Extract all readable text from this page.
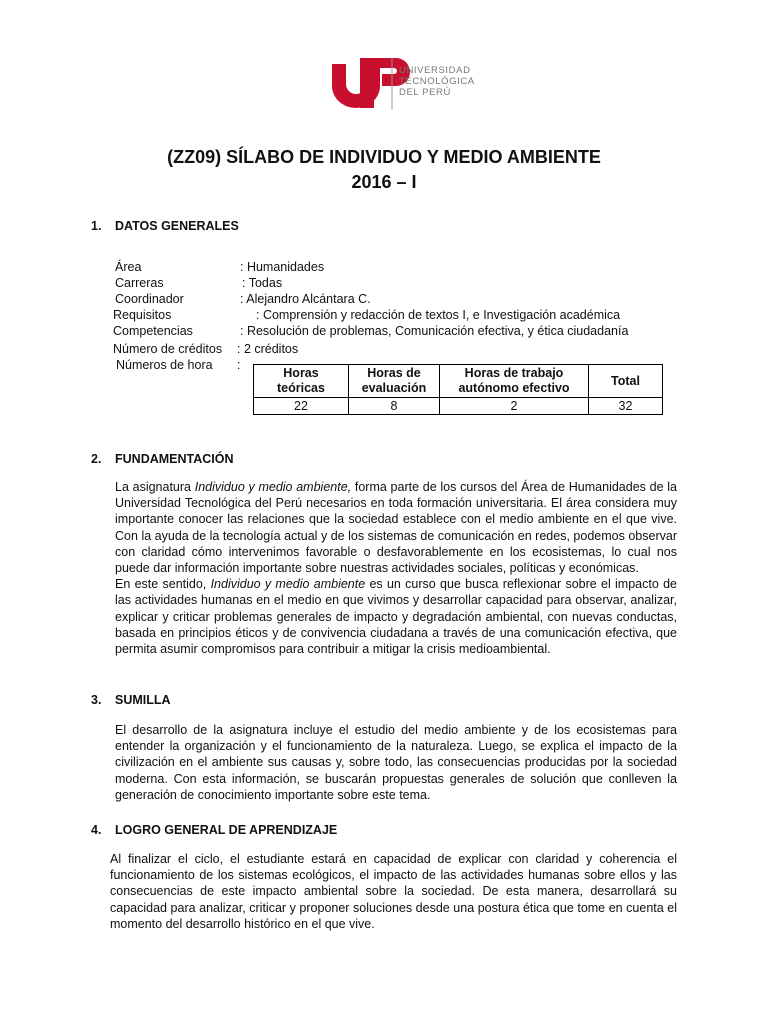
UNIVERSIDAD
TECNOLÓGICA
DEL PERÚ
(ZZ09) SÍLABO DE INDIVIDUO Y MEDIO AMBIENTE
2016 – I
1. DATOS GENERALES
Área	: Humanidades
Carreras	: Todas
Coordinador	: Alejandro Alcántara C.
Requisitos	: Comprensión y redacción de textos I, e Investigación académica
Competencias	: Resolución de problemas, Comunicación efectiva, y ética ciudadanía
Número de créditos : 2 créditos
Números de hora :
Horas teóricas	Horas de evaluación	Horas de trabajo autónomo efectivo	Total
22	8	2	32
2. FUNDAMENTACIÓN

La asignatura Individuo y medio ambiente, forma parte de los cursos del Área de Humanidades de la Universidad Tecnológica del Perú necesarios en toda formación universitaria. El área considera muy importante conocer las relaciones que la sociedad establece con el medio ambiente en el que vive. Con la ayuda de la tecnología actual y de los sistemas de comunicación en redes, podemos observar con claridad cómo intervenimos favorable o desfavorablemente en los ecosistemas, lo cual nos puede dar información importante sobre nuestras actividades sociales, políticas y económicas.

En este sentido, Individuo y medio ambiente es un curso que busca reflexionar sobre el impacto de las actividades humanas en el medio en que vivimos y desarrollar capacidad para observar, analizar, explicar y criticar problemas generales de impacto y degradación ambiental, con nuevas conductas, basada en principios éticos y de convivencia ciudadana a través de una comunicación efectiva, que permita asumir compromisos para contribuir a mitigar la crisis medioambiental.

3. SUMILLA

El desarrollo de la asignatura incluye el estudio del medio ambiente y de los ecosistemas para entender la organización y el funcionamiento de la naturaleza. Luego, se explica el impacto de la civilización en el ambiente sus causas y, sobre todo, las consecuencias producidas por la sociedad moderna. Con esta información, se buscarán propuestas generales de solución que conlleven la generación de conocimiento importante sobre este tema.

4. LOGRO GENERAL DE APRENDIZAJE

Al finalizar el ciclo, el estudiante estará en capacidad de explicar con claridad y coherencia el funcionamiento de los sistemas ecológicos, el impacto de las actividades humanas sobre ellos y las consecuencias de este impacto ambiental sobre la sociedad. De esta manera, desarrollará su capacidad para analizar, criticar y proponer soluciones desde una postura ética que tome en cuenta el momento del desarrollo histórico en el que vive.
